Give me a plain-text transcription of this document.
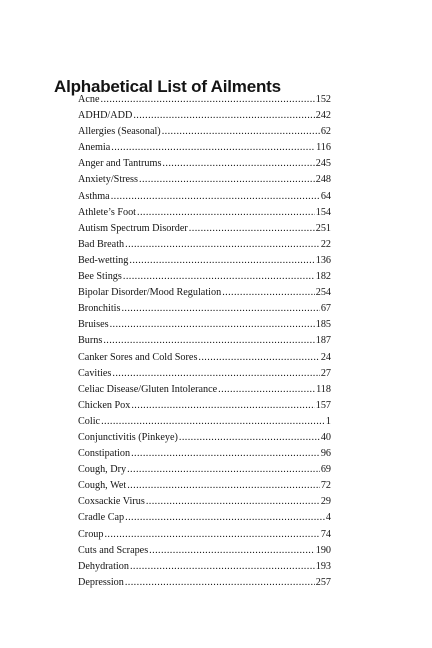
Alphabetical List of Ailments
Acne .....	152
ADHD/ADD .....	242
Allergies (Seasonal) .....	62
Anemia .....	116
Anger and Tantrums .....	245
Anxiety/Stress .....	248
Asthma .....	64
Athlete’s Foot .....	154
Autism Spectrum Disorder .....	251
Bad Breath .....	22
Bed-wetting .....	136
Bee Stings .....	182
Bipolar Disorder/Mood Regulation .....	254
Bronchitis .....	67
Bruises .....	185
Burns .....	187
Canker Sores and Cold Sores .....	24
Cavities .....	27
Celiac Disease/Gluten Intolerance .....	118
Chicken Pox .....	157
Colic .....	1
Conjunctivitis (Pinkeye) .....	40
Constipation .....	96
Cough, Dry .....	69
Cough, Wet .....	72
Coxsackie Virus .....	29
Cradle Cap .....	4
Croup .....	74
Cuts and Scrapes .....	190
Dehydration .....	193
Depression .....	257
